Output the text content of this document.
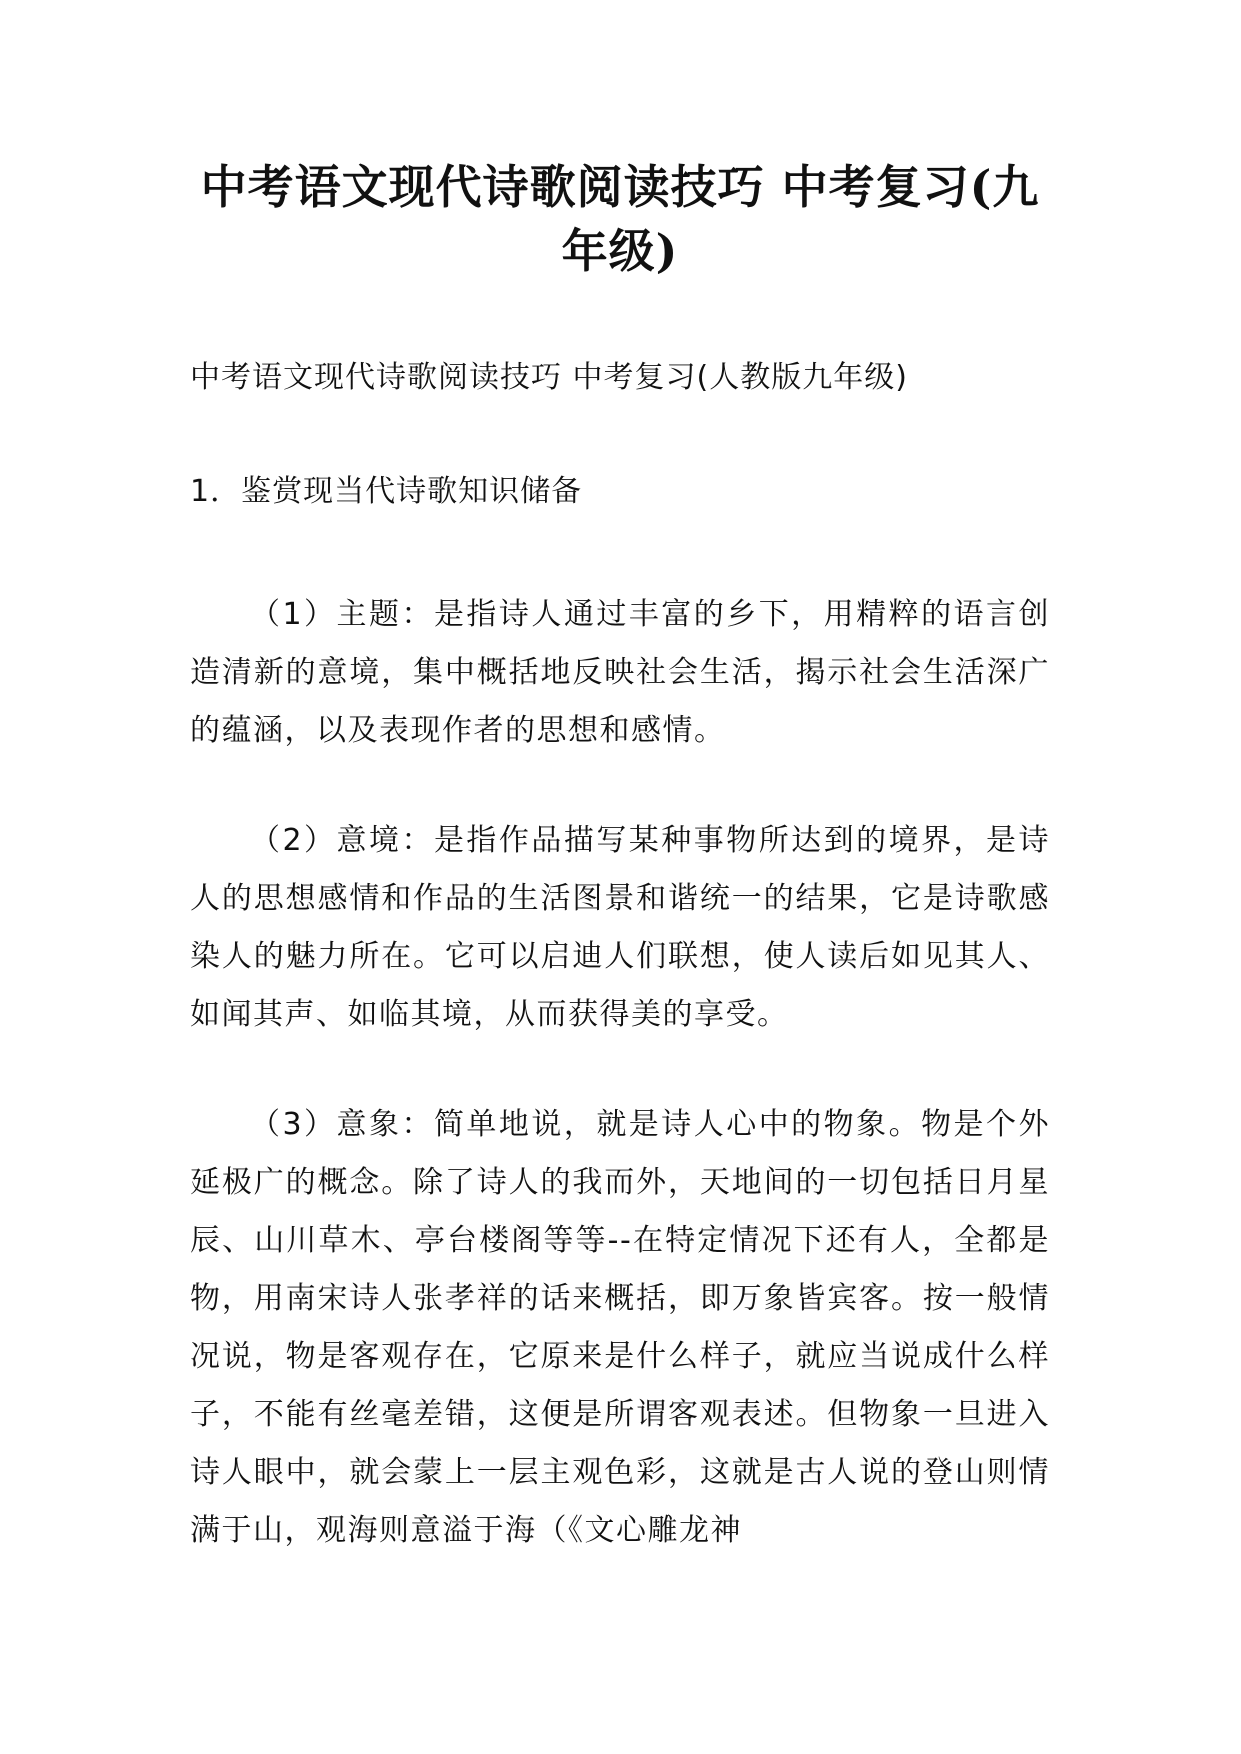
中考语文现代诗歌阅读技巧 中考复习(九年级)

中考语文现代诗歌阅读技巧 中考复习(人教版九年级)

1．鉴赏现当代诗歌知识储备

（1）主题：是指诗人通过丰富的乡下，用精粹的语言创造清新的意境，集中概括地反映社会生活，揭示社会生活深广的蕴涵，以及表现作者的思想和感情。

（2）意境：是指作品描写某种事物所达到的境界，是诗人的思想感情和作品的生活图景和谐统一的结果，它是诗歌感染人的魅力所在。它可以启迪人们联想，使人读后如见其人、如闻其声、如临其境，从而获得美的享受。

（3）意象：简单地说，就是诗人心中的物象。物是个外延极广的概念。除了诗人的我而外，天地间的一切包括日月星辰、山川草木、亭台楼阁等等--在特定情况下还有人，全都是物，用南宋诗人张孝祥的话来概括，即万象皆宾客。按一般情况说，物是客观存在，它原来是什么样子，就应当说成什么样子，不能有丝毫差错，这便是所谓客观表述。但物象一旦进入诗人眼中，就会蒙上一层主观色彩，这就是古人说的登山则情满于山，观海则意溢于海（《文心雕龙神
